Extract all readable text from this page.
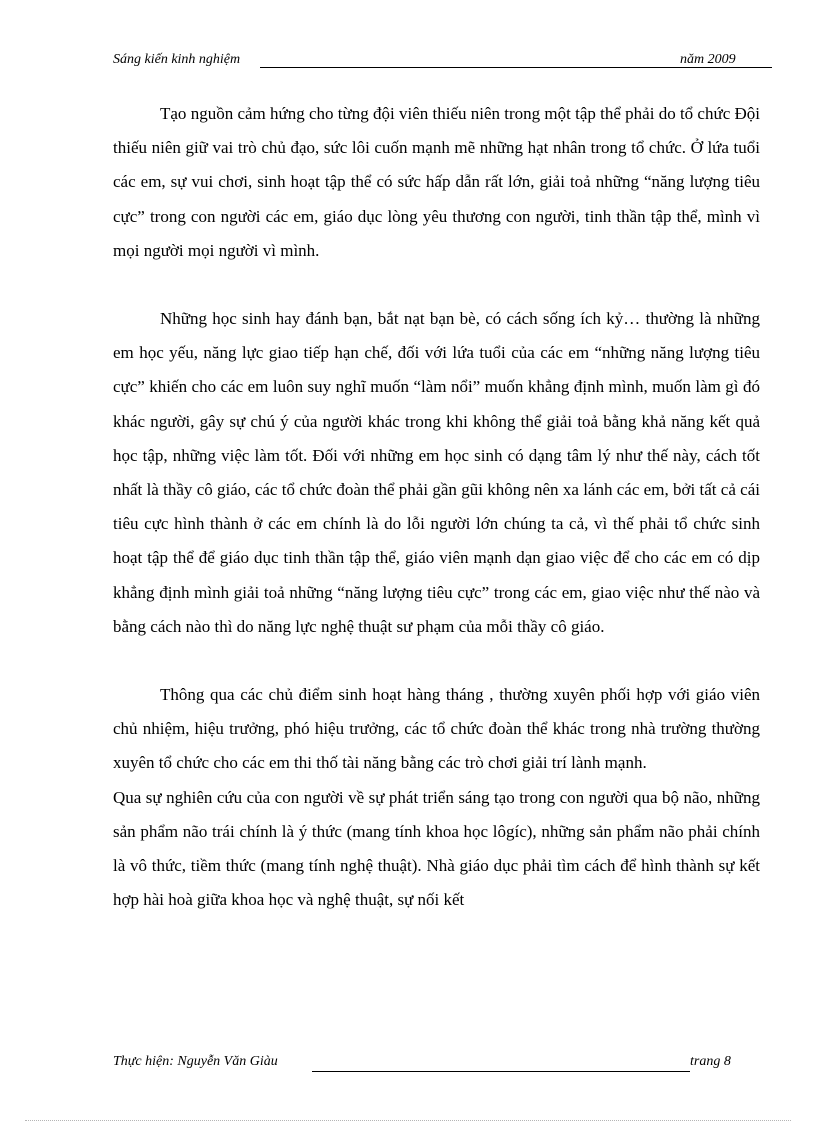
Sáng kiến kinh nghiệm	năm 2009

Tạo nguồn cảm hứng cho từng đội viên thiếu niên trong một tập thể phải do tổ chức Đội thiếu niên giữ vai trò chủ đạo, sức lôi cuốn mạnh mẽ những hạt nhân trong tổ chức. Ở lứa tuổi các em, sự vui chơi, sinh hoạt tập thể có sức hấp dẫn rất lớn, giải toả những “năng lượng tiêu cực” trong con người các em, giáo dục lòng yêu thương con người, tinh thần tập thể, mình vì mọi người mọi người vì mình.

Những học sinh hay đánh bạn, bắt nạt bạn bè, có cách sống ích kỷ… thường là những em học yếu, năng lực giao tiếp hạn chế, đối với lứa tuổi của các em “những năng lượng tiêu cực” khiến cho các em luôn suy nghĩ muốn “làm nổi” muốn khẳng định mình, muốn làm gì đó khác người, gây sự chú ý của người khác trong khi không thể giải toả bằng khả năng kết quả học tập, những việc làm tốt. Đối với những em học sinh có dạng tâm lý như thế này, cách tốt nhất là thầy cô giáo, các tổ chức đoàn thể phải gần gũi không nên xa lánh các em, bởi tất cả cái tiêu cực hình thành ở các em chính là do lỗi người lớn chúng ta cả, vì thế phải tổ chức sinh hoạt tập thể để giáo dục tinh thần tập thể, giáo viên mạnh dạn giao việc để cho các em có dịp khẳng định mình giải toả những “năng lượng tiêu cực” trong các em, giao việc như thế nào và bằng cách nào thì do năng lực nghệ thuật sư phạm của mỗi thầy cô giáo.

Thông qua các chủ điểm sinh hoạt hàng tháng , thường xuyên phối hợp với giáo viên chủ nhiệm, hiệu trưởng, phó hiệu trưởng, các tổ chức đoàn thể khác trong nhà trường thường xuyên tổ chức cho các em thi thố tài năng bằng các trò chơi giải trí lành mạnh.

Qua sự nghiên cứu của con người về sự phát triển sáng tạo trong con người qua bộ não, những sản phẩm não trái chính là ý thức (mang tính khoa học lôgíc), những sản phẩm não phải chính là vô thức, tiềm thức (mang tính nghệ thuật). Nhà giáo dục phải tìm cách để hình thành sự kết hợp hài hoà giữa khoa học và nghệ thuật, sự nối kết

Thực hiện: Nguyễn Văn Giàu	trang 8
